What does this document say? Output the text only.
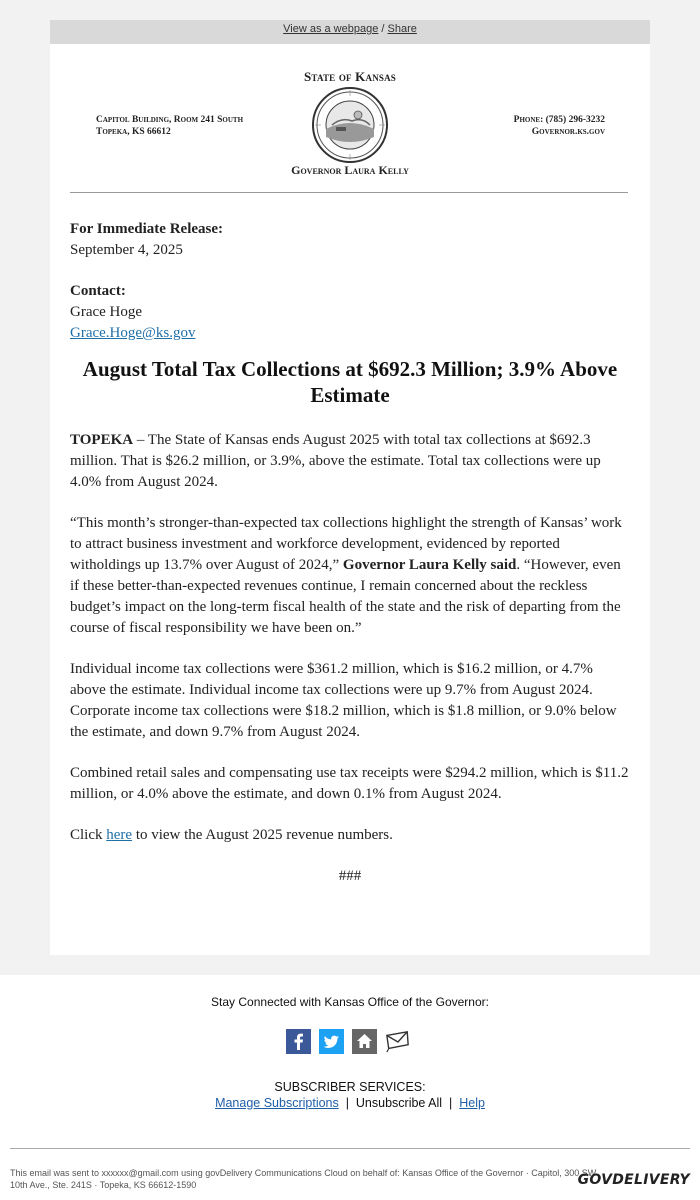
View as a webpage / Share
State of Kansas
Capitol Building, Room 241 South
Topeka, KS 66612
Phone: (785) 296-3232
Governor.ks.gov
Governor Laura Kelly

For Immediate Release:
September 4, 2025

Contact:
Grace Hoge
Grace.Hoge@ks.gov

August Total Tax Collections at $692.3 Million; 3.9% Above Estimate

TOPEKA – The State of Kansas ends August 2025 with total tax collections at $692.3 million. That is $26.2 million, or 3.9%, above the estimate. Total tax collections were up 4.0% from August 2024.

“This month’s stronger-than-expected tax collections highlight the strength of Kansas’ work to attract business investment and workforce development, evidenced by reported witholdings up 13.7% over August of 2024,” Governor Laura Kelly said. “However, even if these better-than-expected revenues continue, I remain concerned about the reckless budget’s impact on the long-term fiscal health of the state and the risk of departing from the course of fiscal responsibility we have been on.”

Individual income tax collections were $361.2 million, which is $16.2 million, or 4.7% above the estimate. Individual income tax collections were up 9.7% from August 2024. Corporate income tax collections were $18.2 million, which is $1.8 million, or 9.0% below the estimate, and down 9.7% from August 2024.

Combined retail sales and compensating use tax receipts were $294.2 million, which is $11.2 million, or 4.0% above the estimate, and down 0.1% from August 2024.

Click here to view the August 2025 revenue numbers.

###
Stay Connected with Kansas Office of the Governor:
SUBSCRIBER SERVICES:
Manage Subscriptions | Unsubscribe All | Help
This email was sent to xxxxxx@gmail.com using govDelivery Communications Cloud on behalf of: Kansas Office of the Governor · Capitol, 300 SW 10th Ave., Ste. 241S · Topeka, KS 66612-1590	GOVDELIVERY
